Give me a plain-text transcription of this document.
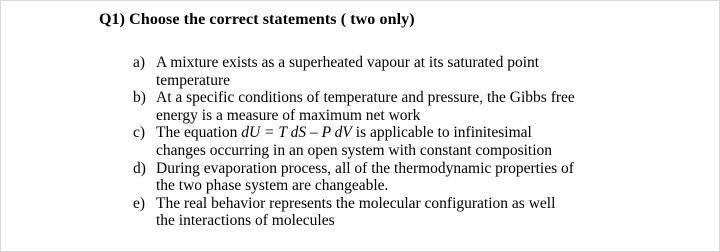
Q1) Choose the correct statements ( two only)
a) A mixture exists as a superheated vapour at its saturated point
temperature
b) At a specific conditions of temperature and pressure, the Gibbs free
energy is a measure of maximum net work
c) The equation dU = T dS – P dV is applicable to infinitesimal
changes occurring in an open system with constant composition
d) During evaporation process, all of the thermodynamic properties of
the two phase system are changeable.
e) The real behavior represents the molecular configuration as well
the interactions of molecules
